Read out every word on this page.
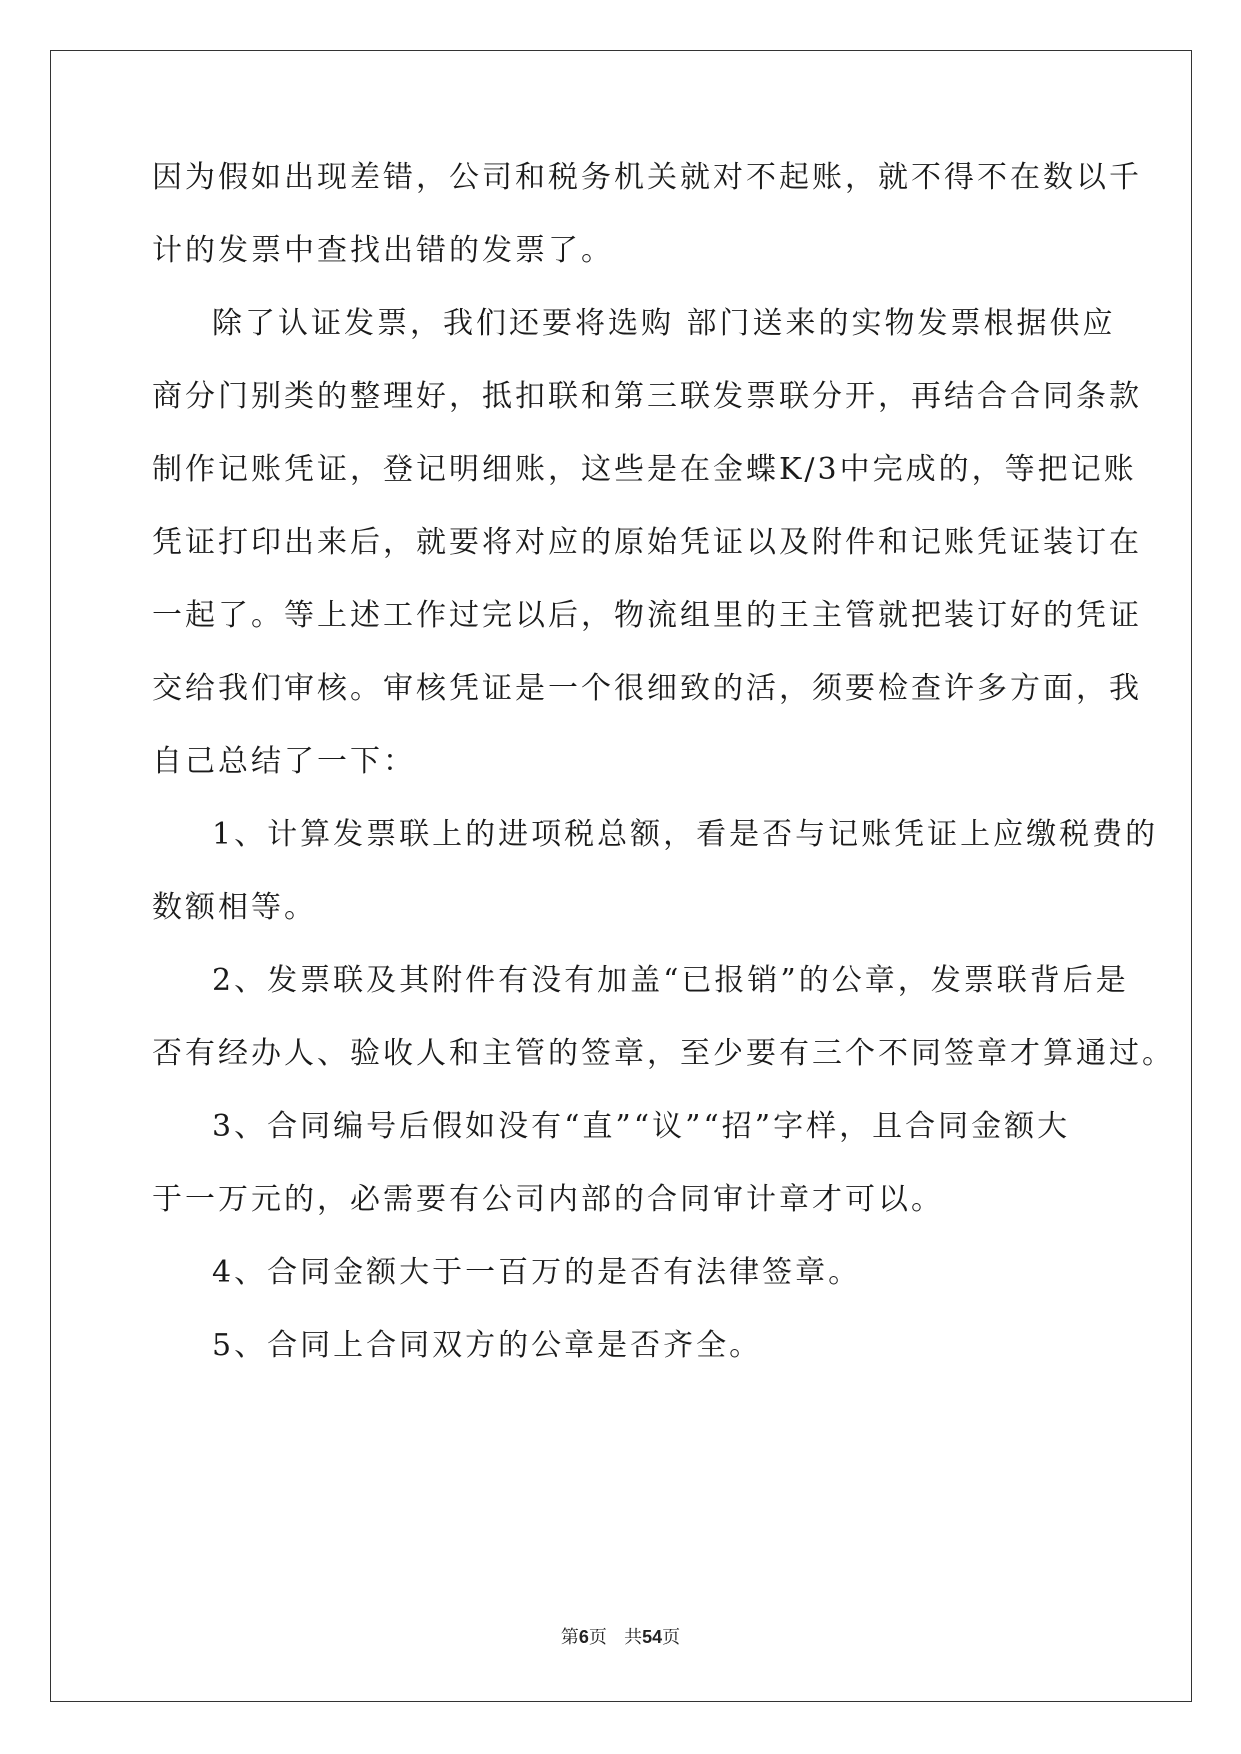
因为假如出现差错，公司和税务机关就对不起账，就不得不在数以千
计的发票中查找出错的发票了。
除了认证发票，我们还要将选购 部门送来的实物发票根据供应
商分门别类的整理好，抵扣联和第三联发票联分开，再结合合同条款
制作记账凭证，登记明细账，这些是在金蝶K/3中完成的，等把记账
凭证打印出来后，就要将对应的原始凭证以及附件和记账凭证装订在
一起了。等上述工作过完以后，物流组里的王主管就把装订好的凭证
交给我们审核。审核凭证是一个很细致的活，须要检查许多方面，我
自己总结了一下：
1、计算发票联上的进项税总额，看是否与记账凭证上应缴税费的
数额相等。
2、发票联及其附件有没有加盖“已报销”的公章，发票联背后是
否有经办人、验收人和主管的签章，至少要有三个不同签章才算通过。
3、合同编号后假如没有“直”“议”“招”字样，且合同金额大
于一万元的，必需要有公司内部的合同审计章才可以。
4、合同金额大于一百万的是否有法律签章。
5、合同上合同双方的公章是否齐全。
第6页 共54页
